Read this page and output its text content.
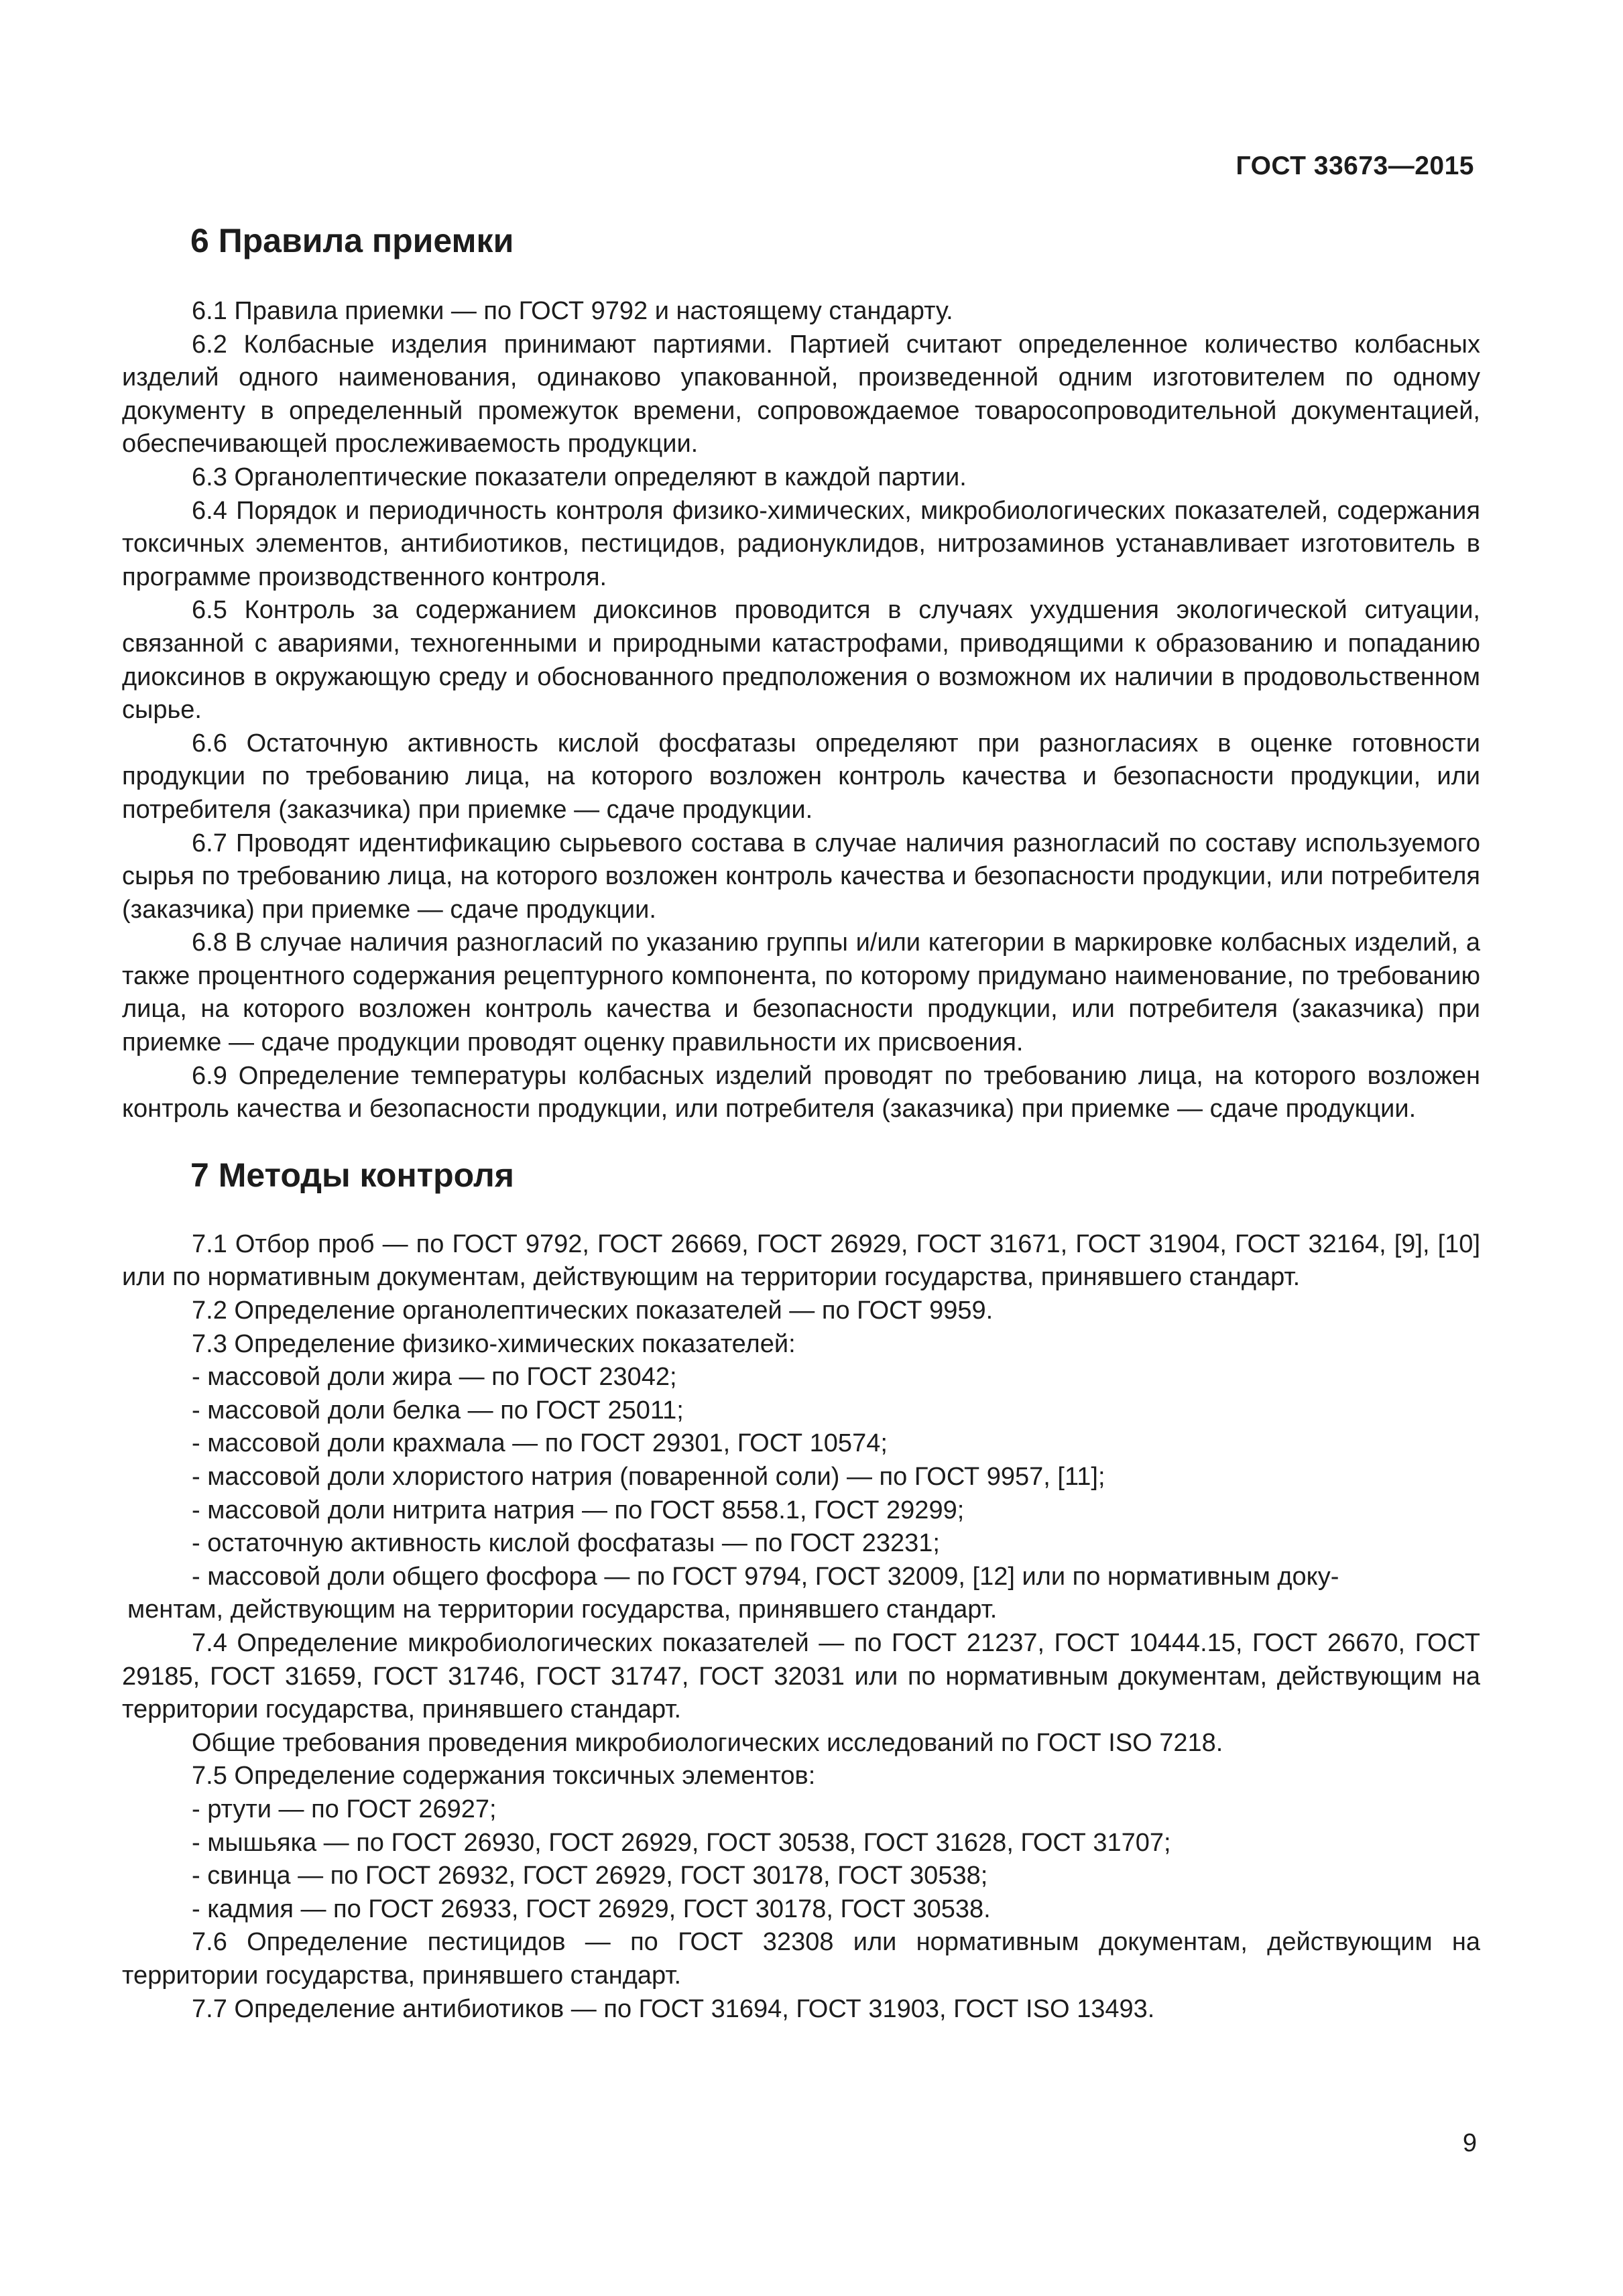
ГОСТ 33673—2015
6 Правила приемки

6.1 Правила приемки — по ГОСТ 9792 и настоящему стандарту.

6.2 Колбасные изделия принимают партиями. Партией считают определенное количество колбасных изделий одного наименования, одинаково упакованной, произведенной одним изготовителем по одному документу в определенный промежуток времени, сопровождаемое товаросопроводительной документацией, обеспечивающей прослеживаемость продукции.

6.3 Органолептические показатели определяют в каждой партии.

6.4 Порядок и периодичность контроля физико-химических, микробиологических показателей, содержания токсичных элементов, антибиотиков, пестицидов, радионуклидов, нитрозаминов устанавливает изготовитель в программе производственного контроля.

6.5 Контроль за содержанием диоксинов проводится в случаях ухудшения экологической ситуации, связанной с авариями, техногенными и природными катастрофами, приводящими к образованию и попаданию диоксинов в окружающую среду и обоснованного предположения о возможном их наличии в продовольственном сырье.

6.6 Остаточную активность кислой фосфатазы определяют при разногласиях в оценке готовности продукции по требованию лица, на которого возложен контроль качества и безопасности продукции, или потребителя (заказчика) при приемке — сдаче продукции.

6.7 Проводят идентификацию сырьевого состава в случае наличия разногласий по составу используемого сырья по требованию лица, на которого возложен контроль качества и безопасности продукции, или потребителя (заказчика) при приемке — сдаче продукции.

6.8 В случае наличия разногласий по указанию группы и/или категории в маркировке колбасных изделий, а также процентного содержания рецептурного компонента, по которому придумано наименование, по требованию лица, на которого возложен контроль качества и безопасности продукции, или потребителя (заказчика) при приемке — сдаче продукции проводят оценку правильности их присвоения.

6.9 Определение температуры колбасных изделий проводят по требованию лица, на которого возложен контроль качества и безопасности продукции, или потребителя (заказчика) при приемке — сдаче продукции.

7 Методы контроля

7.1 Отбор проб — по ГОСТ 9792, ГОСТ 26669, ГОСТ 26929, ГОСТ 31671, ГОСТ 31904, ГОСТ 32164, [9], [10] или по нормативным документам, действующим на территории государства, принявшего стандарт.

7.2 Определение органолептических показателей — по ГОСТ 9959.

7.3 Определение физико-химических показателей:

- массовой доли жира — по ГОСТ 23042;

- массовой доли белка — по ГОСТ 25011;

- массовой доли крахмала — по ГОСТ 29301, ГОСТ 10574;

- массовой доли хлористого натрия (поваренной соли) — по ГОСТ 9957, [11];

- массовой доли нитрита натрия — по ГОСТ 8558.1, ГОСТ 29299;

- остаточную активность кислой фосфатазы — по ГОСТ 23231;

- массовой доли общего фосфора — по ГОСТ 9794, ГОСТ 32009, [12] или по нормативным доку-
ментам, действующим на территории государства, принявшего стандарт.

7.4 Определение микробиологических показателей — по ГОСТ 21237, ГОСТ 10444.15, ГОСТ 26670, ГОСТ 29185, ГОСТ 31659, ГОСТ 31746, ГОСТ 31747, ГОСТ 32031 или по нормативным документам, действующим на территории государства, принявшего стандарт.

Общие требования проведения микробиологических исследований по ГОСТ ISO 7218.

7.5 Определение содержания токсичных элементов:

- ртути — по ГОСТ 26927;

- мышьяка — по ГОСТ 26930, ГОСТ 26929, ГОСТ 30538, ГОСТ 31628, ГОСТ 31707;

- свинца — по ГОСТ 26932, ГОСТ 26929, ГОСТ 30178, ГОСТ 30538;

- кадмия — по ГОСТ 26933, ГОСТ 26929, ГОСТ 30178, ГОСТ 30538.

7.6 Определение пестицидов — по ГОСТ 32308 или нормативным документам, действующим на территории государства, принявшего стандарт.

7.7 Определение антибиотиков — по ГОСТ 31694, ГОСТ 31903, ГОСТ ISO 13493.

9
